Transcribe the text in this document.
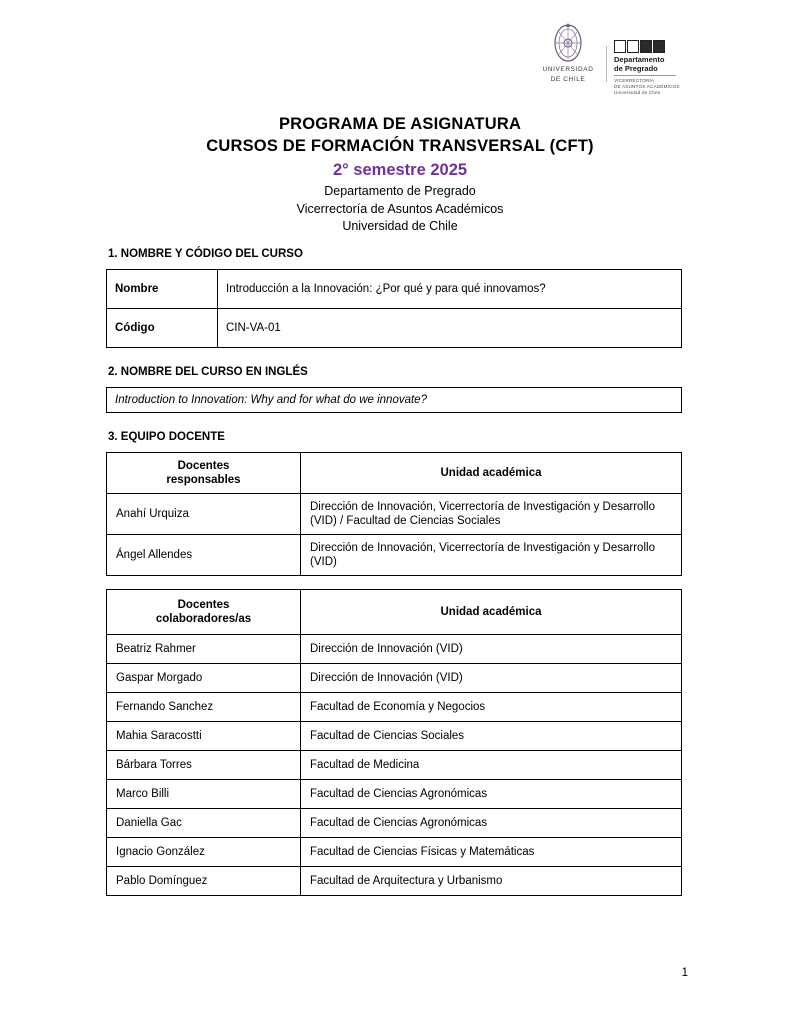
UNIVERSIDAD
DE CHILE
Departamento
de Pregrado
VICERRECTORÍA
DE ASUNTOS ACADÉMICOS
Universidad de Chile
PROGRAMA DE ASIGNATURA
CURSOS DE FORMACIÓN TRANSVERSAL (CFT)
2° semestre 2025
Departamento de Pregrado
Vicerrectoría de Asuntos Académicos
Universidad de Chile
1. NOMBRE Y CÓDIGO DEL CURSO
Nombre	Introducción a la Innovación: ¿Por qué y para qué innovamos?
Código	CIN-VA-01
2. NOMBRE DEL CURSO EN INGLÉS
Introduction to Innovation: Why and for what do we innovate?
3. EQUIPO DOCENTE
Docentes
responsables	Unidad académica
Anahí Urquiza	Dirección de Innovación, Vicerrectoría de Investigación y Desarrollo (VID) / Facultad de Ciencias Sociales
Ángel Allendes	Dirección de Innovación, Vicerrectoría de Investigación y Desarrollo (VID)
Docentes
colaboradores/as	Unidad académica
Beatriz Rahmer	Dirección de Innovación (VID)
Gaspar Morgado	Dirección de Innovación (VID)
Fernando Sanchez	Facultad de Economía y Negocios
Mahia Saracostti	Facultad de Ciencias Sociales
Bárbara Torres	Facultad de Medicina
Marco Billi	Facultad de Ciencias Agronómicas
Daniella Gac	Facultad de Ciencias Agronómicas
Ignacio González	Facultad de Ciencias Físicas y Matemáticas
Pablo Domínguez	Facultad de Arquitectura y Urbanismo
1
